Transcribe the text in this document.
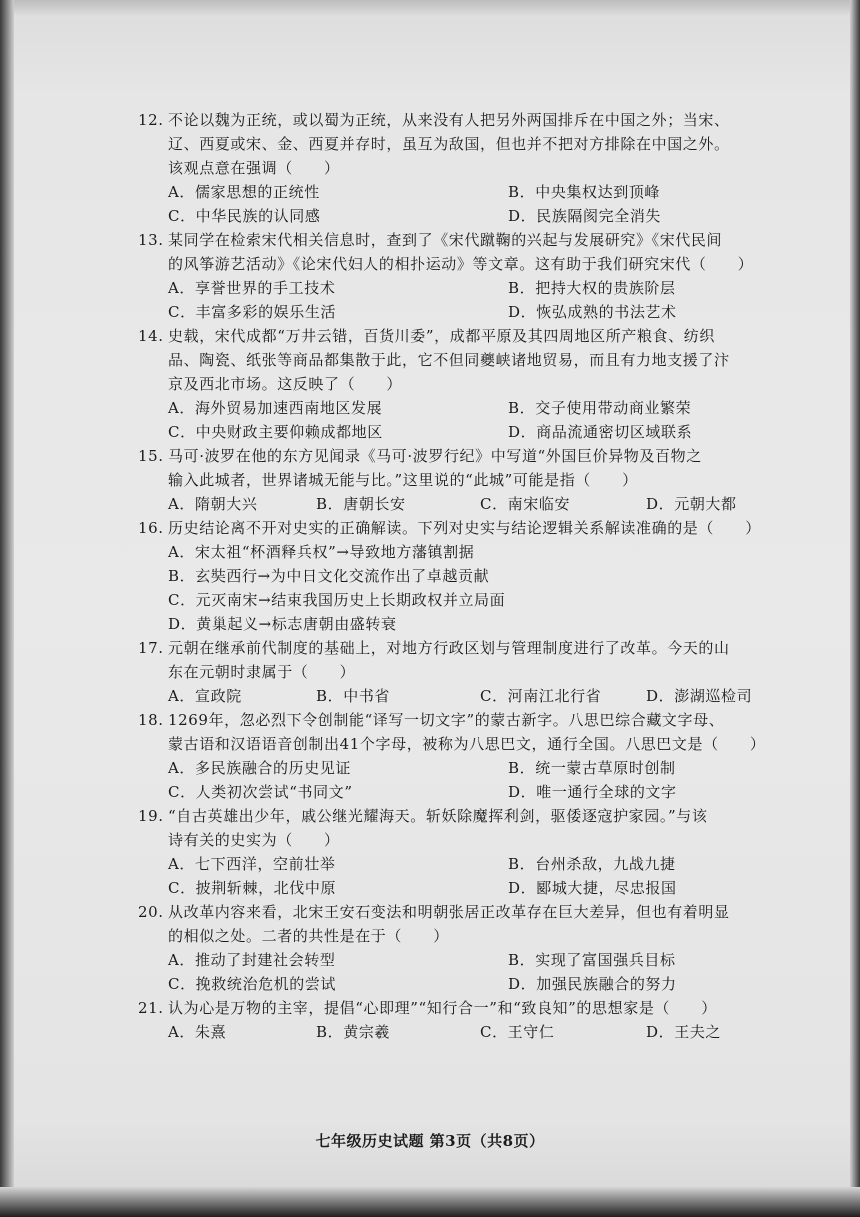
12. 不论以魏为正统，或以蜀为正统，从来没有人把另外两国排斥在中国之外；当宋、
辽、西夏或宋、金、西夏并存时，虽互为敌国，但也并不把对方排除在中国之外。
该观点意在强调（　　）
A．儒家思想的正统性	B．中央集权达到顶峰
C．中华民族的认同感	D．民族隔阂完全消失
13. 某同学在检索宋代相关信息时，查到了《宋代蹴鞠的兴起与发展研究》《宋代民间
的风筝游艺活动》《论宋代妇人的相扑运动》等文章。这有助于我们研究宋代（　　）
A．享誉世界的手工技术	B．把持大权的贵族阶层
C．丰富多彩的娱乐生活	D．恢弘成熟的书法艺术
14. 史载，宋代成都“万井云错，百货川委”，成都平原及其四周地区所产粮食、纺织
品、陶瓷、纸张等商品都集散于此，它不但同夔峡诸地贸易，而且有力地支援了汴
京及西北市场。这反映了（　　）
A．海外贸易加速西南地区发展	B．交子使用带动商业繁荣
C．中央财政主要仰赖成都地区	D．商品流通密切区域联系
15. 马可·波罗在他的东方见闻录《马可·波罗行纪》中写道“外国巨价异物及百物之
输入此城者，世界诸城无能与比。”这里说的“此城”可能是指（　　）
A．隋朝大兴	B．唐朝长安	C．南宋临安	D．元朝大都
16. 历史结论离不开对史实的正确解读。下列对史实与结论逻辑关系解读准确的是（　　）
A．宋太祖“杯酒释兵权”→导致地方藩镇割据
B．玄奘西行→为中日文化交流作出了卓越贡献
C．元灭南宋→结束我国历史上长期政权并立局面
D．黄巢起义→标志唐朝由盛转衰
17. 元朝在继承前代制度的基础上，对地方行政区划与管理制度进行了改革。今天的山
东在元朝时隶属于（　　）
A．宣政院	B．中书省	C．河南江北行省	D．澎湖巡检司
18. 1269年，忽必烈下令创制能“译写一切文字”的蒙古新字。八思巴综合藏文字母、
蒙古语和汉语语音创制出41个字母，被称为八思巴文，通行全国。八思巴文是（　　）
A．多民族融合的历史见证	B．统一蒙古草原时创制
C．人类初次尝试“书同文”	D．唯一通行全球的文字
19. “自古英雄出少年，戚公继光耀海天。斩妖除魔挥利剑，驱倭逐寇护家园。”与该
诗有关的史实为（　　）
A．七下西洋，空前壮举	B．台州杀敌，九战九捷
C．披荆斩棘，北伐中原	D．郾城大捷，尽忠报国
20. 从改革内容来看，北宋王安石变法和明朝张居正改革存在巨大差异，但也有着明显
的相似之处。二者的共性是在于（　　）
A．推动了封建社会转型	B．实现了富国强兵目标
C．挽救统治危机的尝试	D．加强民族融合的努力
21. 认为心是万物的主宰，提倡“心即理”“知行合一”和“致良知”的思想家是（　　）
A．朱熹	B．黄宗羲	C．王守仁	D．王夫之
七年级历史试题 第3页（共8页）
